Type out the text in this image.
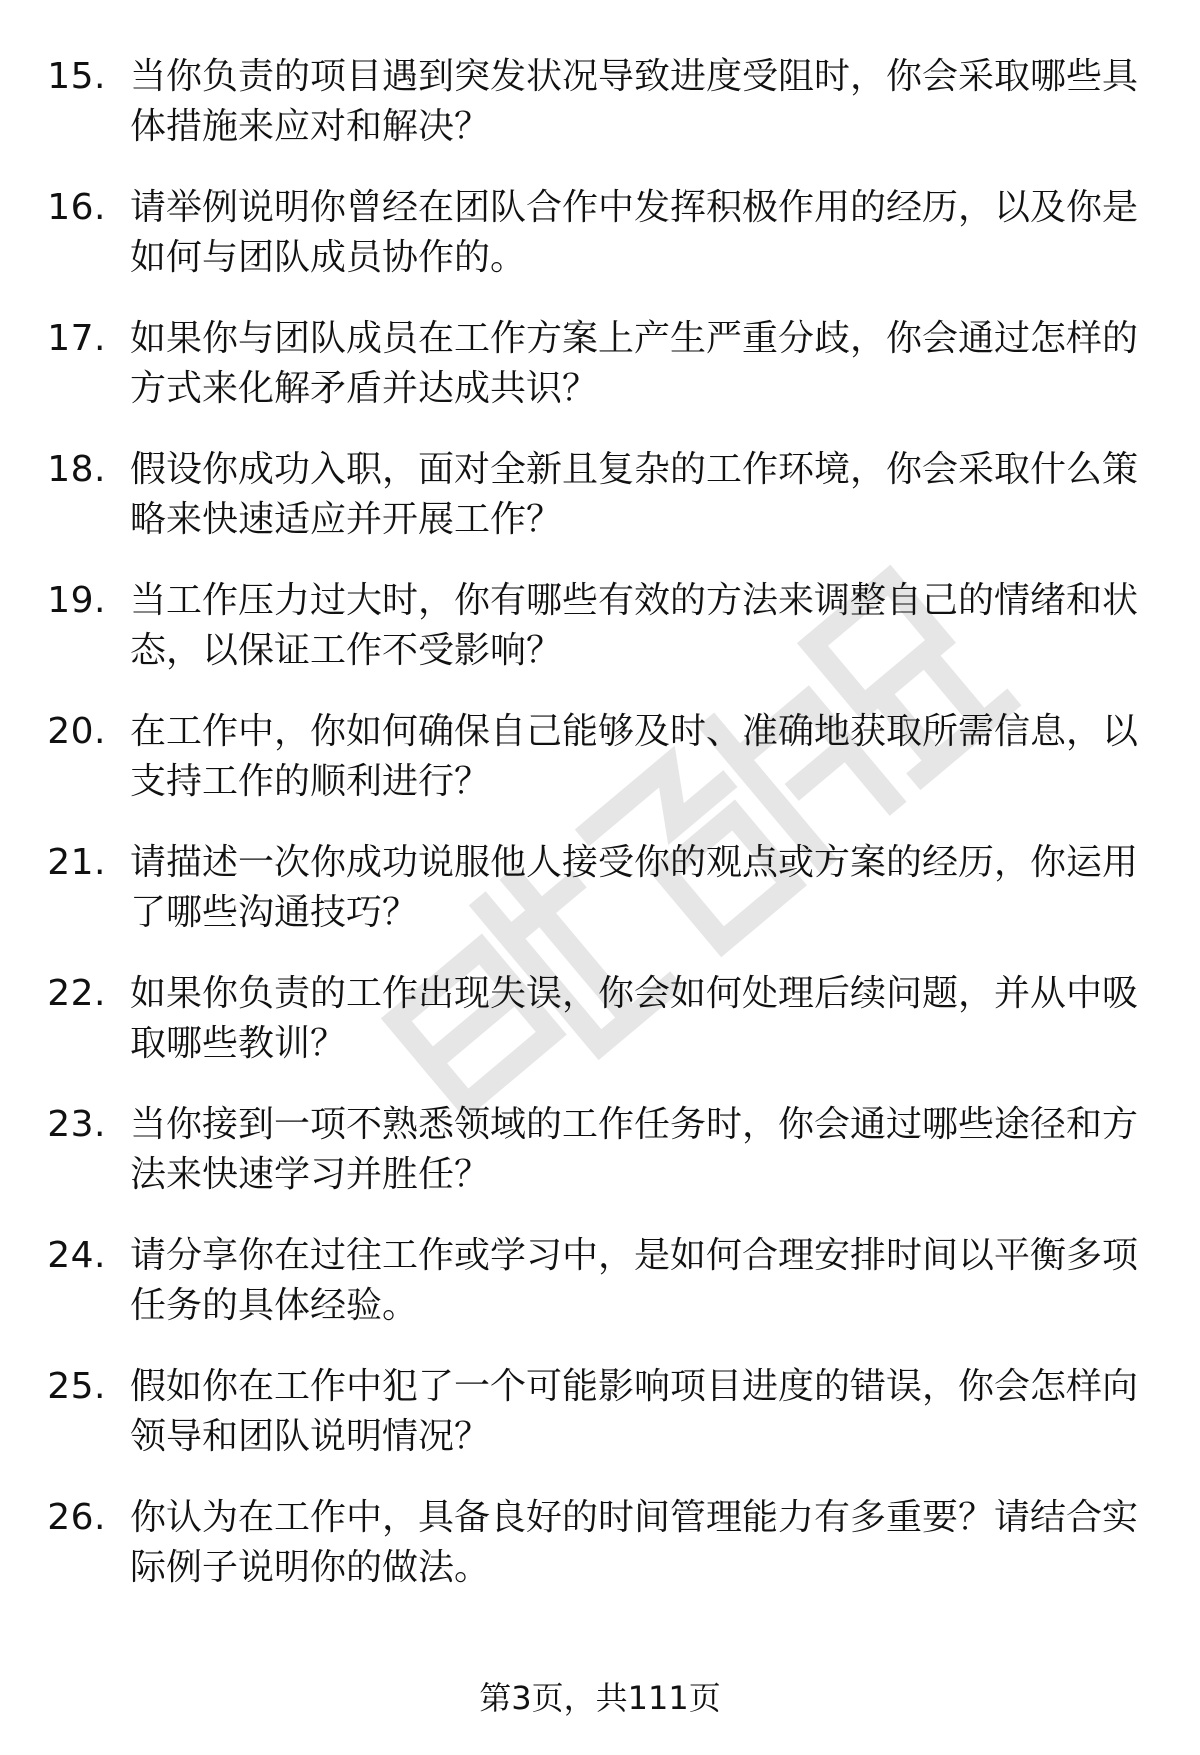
15. 当你负责的项目遇到突发状况导致进度受阻时，你会采取哪些具体措施来应对和解决？
16. 请举例说明你曾经在团队合作中发挥积极作用的经历，以及你是如何与团队成员协作的。
17. 如果你与团队成员在工作方案上产生严重分歧，你会通过怎样的方式来化解矛盾并达成共识？
18. 假设你成功入职，面对全新且复杂的工作环境，你会采取什么策略来快速适应并开展工作？
19. 当工作压力过大时，你有哪些有效的方法来调整自己的情绪和状态，以保证工作不受影响？
20. 在工作中，你如何确保自己能够及时、准确地获取所需信息，以支持工作的顺利进行？
21. 请描述一次你成功说服他人接受你的观点或方案的经历，你运用了哪些沟通技巧？
22. 如果你负责的工作出现失误，你会如何处理后续问题，并从中吸取哪些教训？
23. 当你接到一项不熟悉领域的工作任务时，你会通过哪些途径和方法来快速学习并胜任？
24. 请分享你在过往工作或学习中，是如何合理安排时间以平衡多项任务的具体经验。
25. 假如你在工作中犯了一个可能影响项目进度的错误，你会怎样向领导和团队说明情况？
26. 你认为在工作中，具备良好的时间管理能力有多重要？请结合实际例子说明你的做法。
第3页，共111页
